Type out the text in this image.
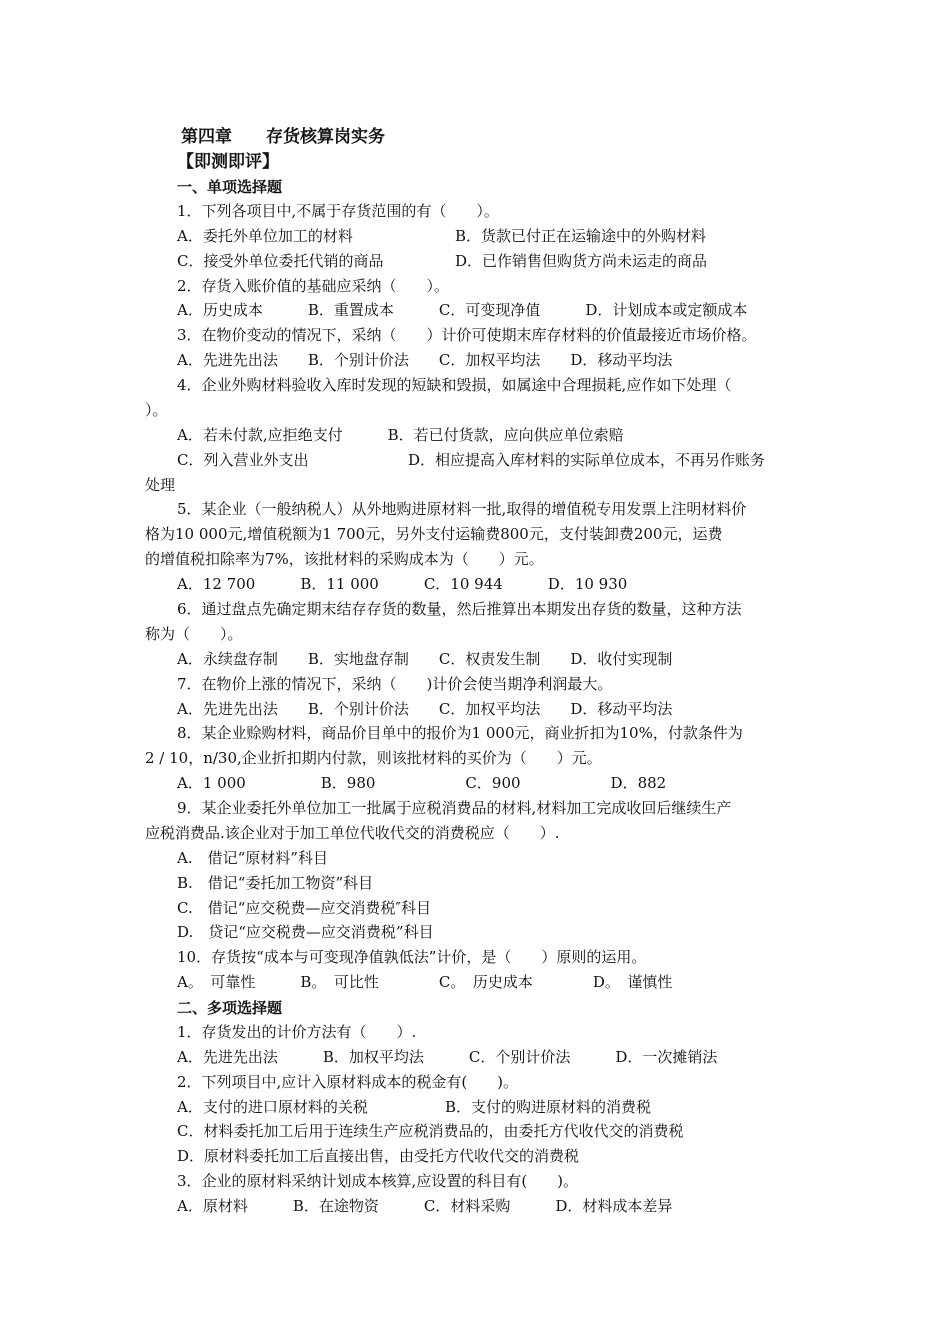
第四章　　存货核算岗实务
【即测即评】
一、单项选择题
1．下列各项目中,不属于存货范围的有（　　）。
A．委托外单位加工的材料	B．货款已付正在运输途中的外购材料
C．接受外单位委托代销的商品	D．已作销售但购货方尚未运走的商品
2．存货入账价值的基础应采纳（　　）。
A．历史成本　　　B．重置成本　　　C．可变现净值　　　D．计划成本或定额成本
3．在物价变动的情况下，采纳（　　）计价可使期末库存材料的价值最接近市场价格。
A．先进先出法　　B．个别计价法　　C．加权平均法　　D．移动平均法
4．企业外购材料验收入库时发现的短缺和毁损，如属途中合理损耗,应作如下处理（
）。
A．若未付款,应拒绝支付　　　B．若已付货款，应向供应单位索赔
C．列入营业外支出	D．相应提高入库材料的实际单位成本，不再另作账务
处理
5．某企业（一般纳税人）从外地购进原材料一批,取得的增值税专用发票上注明材料价
格为10 000元,增值税额为1 700元，另外支付运输费800元，支付装卸费200元，运费
的增值税扣除率为7%，该批材料的采购成本为（　　）元。
A．12 700　　　B．11 000　　　C．10 944　　　D．10 930
6．通过盘点先确定期末结存存货的数量，然后推算出本期发出存货的数量，这种方法
称为（　　）。
A．永续盘存制　　B．实地盘存制　　C．权责发生制　　D．收付实现制
7．在物价上涨的情况下，采纳（　　)计价会使当期净利润最大。
A．先进先出法　　B．个别计价法　　C．加权平均法　　D．移动平均法
8．某企业赊购材料，商品价目单中的报价为1 000元，商业折扣为10%，付款条件为
2 / 10，n/30,企业折扣期内付款，则该批材料的买价为（　　）元。
A．1 000　　　　　B．980　　　　　　C．900　　　　　　D．882
9．某企业委托外单位加工一批属于应税消费品的材料,材料加工完成收回后继续生产
应税消费品.该企业对于加工单位代收代交的消费税应（　　）.
A.　借记“原材料”科目
B.　借记“委托加工物资”科目
C.　借记“应交税费—应交消费税″科目
D.　贷记“应交税费—应交消费税”科目
10．存货按“成本与可变现净值孰低法”计价，是（　　）原则的运用。
A。　可靠性　　　B。　可比性　　　　C。　历史成本　　　　D。　谨慎性
二、多项选择题
1．存货发出的计价方法有（　　）.
A．先进先出法　　　B．加权平均法　　　C．个别计价法　　　D．一次摊销法
2．下列项目中,应计入原材料成本的税金有(　　)。
A．支付的进口原材料的关税	B．支付的购进原材料的消费税
C．材料委托加工后用于连续生产应税消费品的，由委托方代收代交的消费税
D．原材料委托加工后直接出售，由受托方代收代交的消费税
3．企业的原材料采纳计划成本核算,应设置的科目有(　　)。
A．原材料　　　B．在途物资　　　C．材料采购　　　D．材料成本差异
